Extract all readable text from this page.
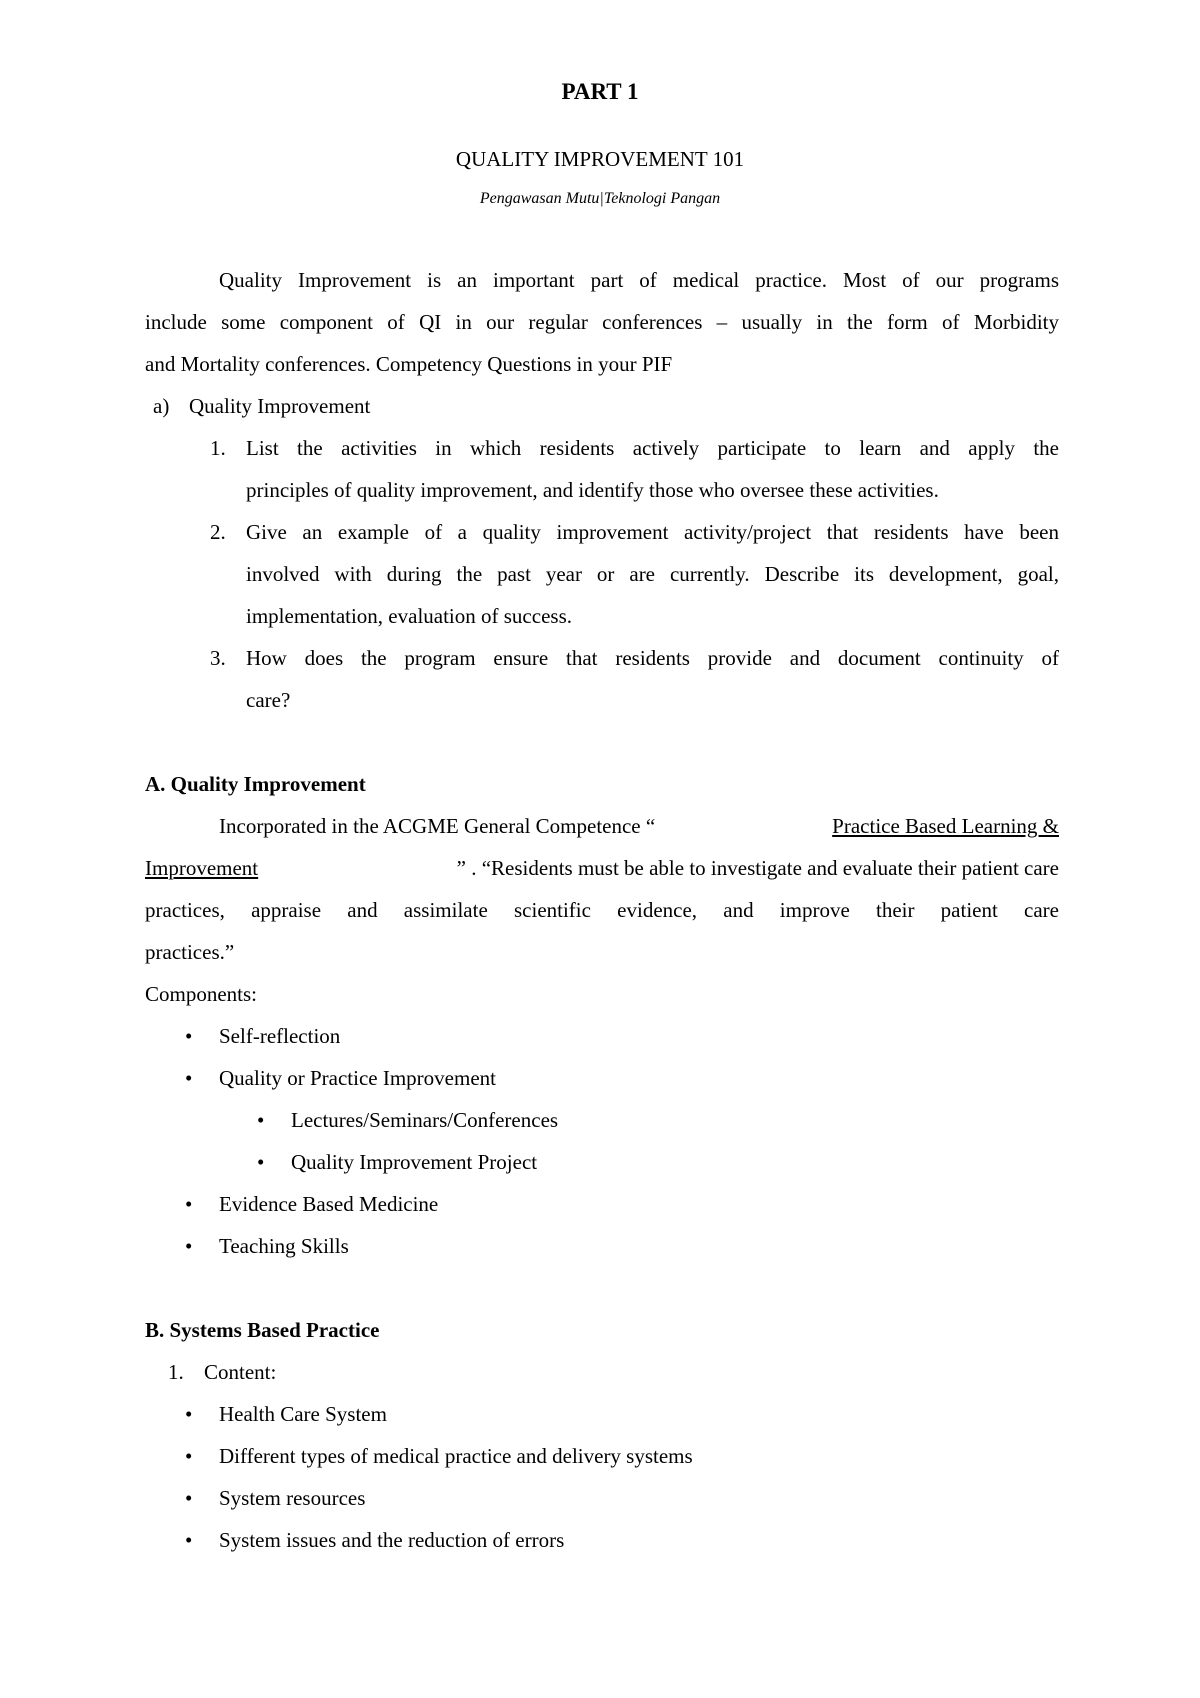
PART 1
QUALITY IMPROVEMENT 101
Pengawasan Mutu|Teknologi Pangan
Quality Improvement is an important part of medical practice. Most of our programs
include some component of QI in our regular conferences – usually in the form of Morbidity
and Mortality conferences. Competency Questions in your PIF
a) Quality Improvement
1. List the activities in which residents actively participate to learn and apply the
principles of quality improvement, and identify those who oversee these activities.
2. Give an example of a quality improvement activity/project that residents have been
involved with during the past year or are currently. Describe its development, goal,
implementation, evaluation of success.
3. How does the program ensure that residents provide and document continuity of
care?
A. Quality Improvement
Incorporated in the ACGME General Competence “	Practice Based Learning &
Improvement	” . “Residents must be able to investigate and evaluate their patient care
practices, appraise and assimilate scientific evidence, and improve their patient care
practices.”
Components:
• Self-reflection
• Quality or Practice Improvement
• Lectures/Seminars/Conferences
• Quality Improvement Project
• Evidence Based Medicine
• Teaching Skills
B. Systems Based Practice
1. Content:
• Health Care System
• Different types of medical practice and delivery systems
• System resources
• System issues and the reduction of errors
